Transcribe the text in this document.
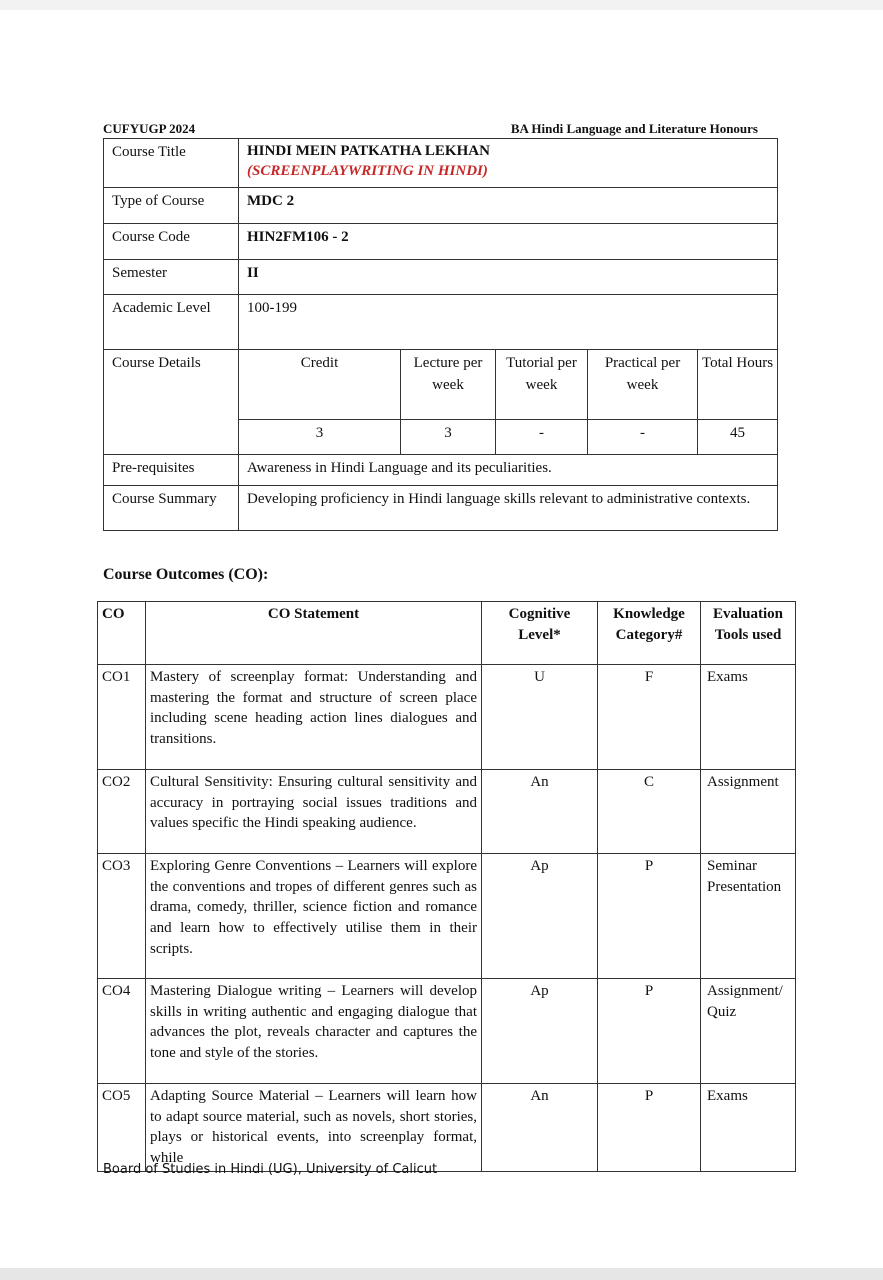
CUFYUGP 2024	BA Hindi Language and Literature Honours
Course Title	HINDI MEIN PATKATHA LEKHAN
(SCREENPLAYWRITING IN HINDI)				

Type of Course	MDC 2				
Course Code	HIN2FM106 - 2				
Semester	II				
Academic Level	100-199				
Course Details	Credit	Lecture per week	Tutorial per week	Practical per week	Total Hours
	3	3	-	-	45
Pre-requisites	Awareness in Hindi Language and its peculiarities.				
Course Summary	Developing proficiency in Hindi language skills relevant to administrative contexts.				
Course Outcomes (CO):
CO	CO Statement	Cognitive Level*	Knowledge Category#	Evaluation Tools used
CO1	Mastery of screenplay format: Understanding and mastering the format and structure of screen place including scene heading action lines dialogues and transitions.	U	F	Exams
CO2	Cultural Sensitivity: Ensuring cultural sensitivity and accuracy in portraying social issues traditions and values specific the Hindi speaking audience.	An	C	Assignment
CO3	Exploring Genre Conventions – Learners will explore the conventions and tropes of different genres such as drama, comedy, thriller, science fiction and romance and learn how to effectively utilise them in their scripts.	Ap	P	Seminar Presentation
CO4	Mastering Dialogue writing – Learners will develop skills in writing authentic and engaging dialogue that advances the plot, reveals character and captures the tone and style of the stories.	Ap	P	Assignment/ Quiz
CO5	Adapting Source Material – Learners will learn how to adapt source material, such as novels, short stories, plays or historical events, into screenplay format, while	An	P	Exams
Board of Studies in Hindi (UG), University of Calicut
